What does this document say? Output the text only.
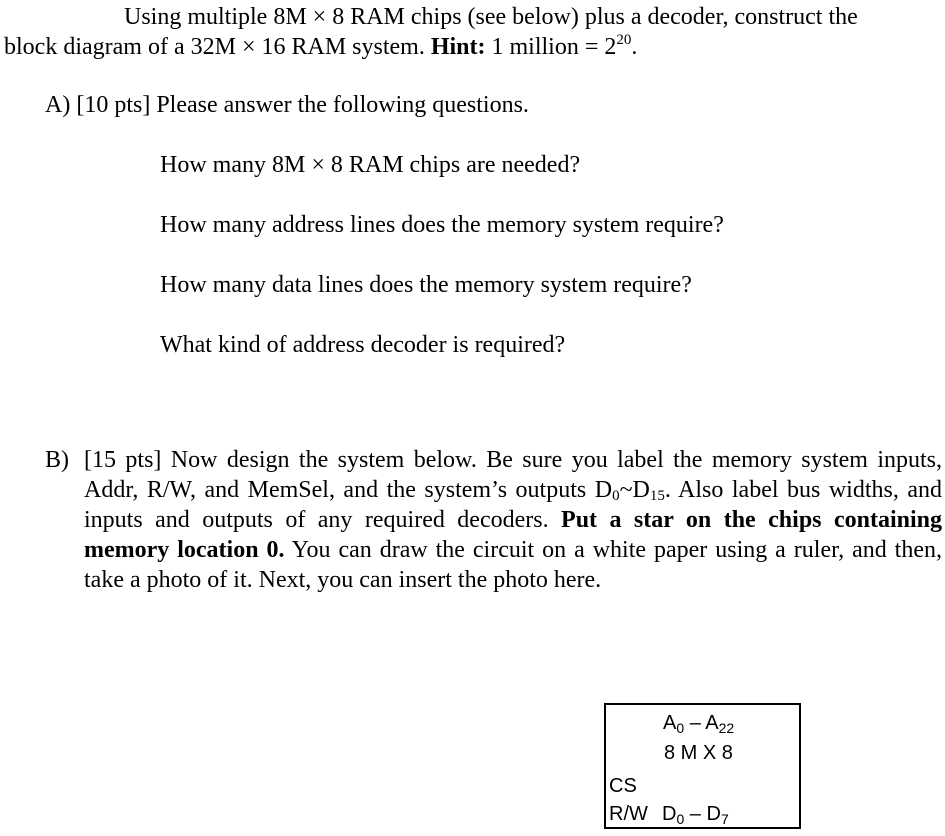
Using multiple 8M × 8 RAM chips (see below) plus a decoder, construct the
block diagram of a 32M × 16 RAM system. Hint: 1 million = $2^{20}$.
A) [10 pts] Please answer the following questions.
How many 8M × 8 RAM chips are needed?
How many address lines does the memory system require?
How many data lines does the memory system require?
What kind of address decoder is required?
B) [15 pts] Now design the system below. Be sure you label the memory system inputs, Addr, R/W, and MemSel, and the system’s outputs $D_0\sim D_{15}$. Also label bus widths, and inputs and outputs of any required decoders. Put a star on the chips containing memory location 0. You can draw the circuit on a white paper using a ruler, and then, take a photo of it. Next, you can insert the photo here.
$A_0 - A_{22}$
8 M X 8
CS
R/W $D_0 - D_7$
